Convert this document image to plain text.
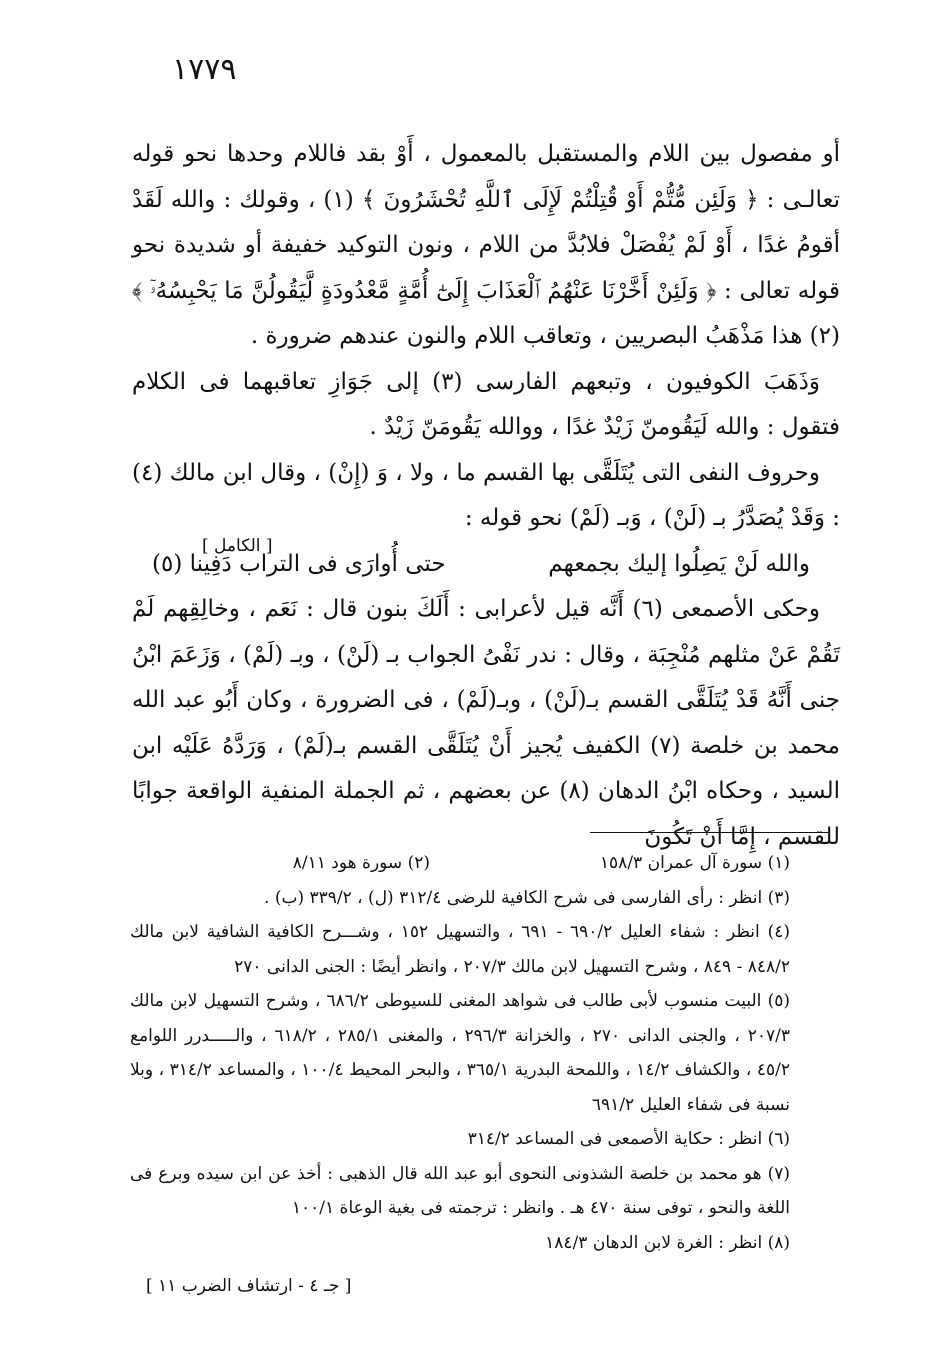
١٧٧٩

أو مفصول بين اللام والمستقبل بالمعمول ، أَوْ بقد فاللام وحدها نحو قوله تعالـى : ﴿ وَلَئِن مُّتُّمْ أَوْ قُتِلْتُمْ لَإِلَى ٱللَّهِ تُحْشَرُونَ ﴾ (١) ، وقولك : والله لَقَدْ أقومُ غدًا ، أَوْ لَمْ يُفْصَلْ فلابُدَّ من اللام ، ونون التوكيد خفيفة أو شديدة نحو قوله تعالى : ﴿ وَلَئِنْ أَخَّرْنَا عَنْهُمُ ٱلْعَذَابَ إِلَىٰٓ أُمَّةٍ مَّعْدُودَةٍ لَّيَقُولُنَّ مَا يَحْبِسُهُۥٓ ﴾ (٢) هذا مَذْهَبُ البصريين ، وتعاقب اللام والنون عندهم ضرورة .

وَذَهَبَ الكوفيون ، وتبعهم الفارسى (٣) إلى جَوَازِ تعاقبهما فى الكلام فتقول : والله لَيَقُومنّ زَيْدٌ غدًا ، ووالله يَقُومَنّ زَيْدٌ .

وحروف النفى التى يُتَلَقَّى بها القسم ما ، ولا ، وَ (إِنْ) ، وقال ابن مالك (٤) : وَقَدْ يُصَدَّرُ بـ (لَنْ) ، وَبـ (لَمْ) نحو قوله :

[ الكامل ]
والله لَنْ يَصِلُوا إليك بجمعهم
حتى أُوارَى فى التراب دَفِينا (٥)

وحكى الأصمعى (٦) أَنَّه قيل لأعرابى : أَلَكَ بنون قال : نَعَم ، وخالِقِهم لَمْ تَقُمْ عَنْ مثلهم مُنْجِبَة ، وقال : ندر نَفْىُ الجواب بـ (لَنْ) ، وبـ (لَمْ) ، وَزَعَمَ ابْنُ جنى أَنَّهُ قَدْ يُتَلَقَّى القسم بـ(لَنْ) ، وبـ(لَمْ) ، فى الضرورة ، وكان أَبُو عبد الله محمد بن خلصة (٧) الكفيف يُجيز أَنْ يُتَلَقَّى القسم بـ(لَمْ) ، وَرَدَّهُ عَلَيْه ابن السيد ، وحكاه ابْنُ الدهان (٨) عن بعضهم ، ثم الجملة المنفية الواقعة جوابًا للقسم ، إِمَّا أَنْ تَكُونَ

(١) سورة آل عمران ١٥٨/٣
(٢) سورة هود ٨/١١

(٣) انظر : رأى الفارسى فى شرح الكافية للرضى ٣١٢/٤ (ل) ، ٣٣٩/٢ (ب) .

(٤) انظر : شفاء العليل ٦٩٠/٢ - ٦٩١ ، والتسهيل ١٥٢ ، وشـــرح الكافية الشافية لابن مالك ٨٤٨/٢ - ٨٤٩ ، وشرح التسهيل لابن مالك ٢٠٧/٣ ، وانظر أيضًا : الجنى الدانى ٢٧٠

(٥) البيت منسوب لأبى طالب فى شواهد المغنى للسيوطى ٦٨٦/٢ ، وشرح التسهيل لابن مالك ٢٠٧/٣ ، والجنى الدانى ٢٧٠ ، والخزانة ٢٩٦/٣ ، والمغنى ٢٨٥/١ ، ٦١٨/٢ ، والـــــدرر اللوامع ٤٥/٢ ، والكشاف ١٤/٢ ، واللمحة البدرية ٣٦٥/١ ، والبحر المحيط ١٠٠/٤ ، والمساعد ٣١٤/٢ ، وبلا نسبة فى شفاء العليل ٦٩١/٢

(٦) انظر : حكاية الأصمعى فى المساعد ٣١٤/٢

(٧) هو محمد بن خلصة الشذونى النحوى أبو عبد الله قال الذهبى : أخذ عن ابن سيده وبرع فى اللغة والنحو ، توفى سنة ٤٧٠ هـ . وانظر : ترجمته فى بغية الوعاة ١٠٠/١

(٨) انظر : الغرة لابن الدهان ١٨٤/٣

[ جـ ٤ - ارتشاف الضرب ١١ ]
